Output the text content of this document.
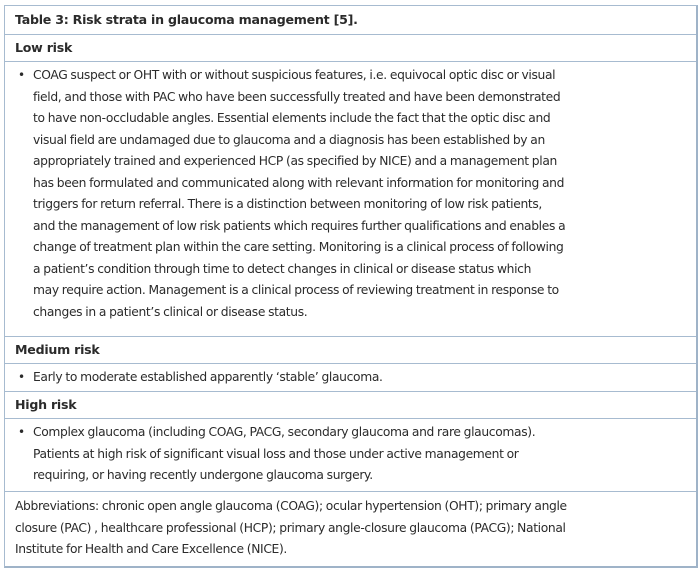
Table 3: Risk strata in glaucoma management [5].
Low risk
• COAG suspect or OHT with or without suspicious features, i.e. equivocal optic disc or visual
field, and those with PAC who have been successfully treated and have been demonstrated
to have non-occludable angles. Essential elements include the fact that the optic disc and
visual field are undamaged due to glaucoma and a diagnosis has been established by an
appropriately trained and experienced HCP (as specified by NICE) and a management plan
has been formulated and communicated along with relevant information for monitoring and
triggers for return referral. There is a distinction between monitoring of low risk patients,
and the management of low risk patients which requires further qualifications and enables a
change of treatment plan within the care setting. Monitoring is a clinical process of following
a patient’s condition through time to detect changes in clinical or disease status which
may require action. Management is a clinical process of reviewing treatment in response to
changes in a patient’s clinical or disease status.
Medium risk
• Early to moderate established apparently ‘stable’ glaucoma.
High risk
• Complex glaucoma (including COAG, PACG, secondary glaucoma and rare glaucomas).
Patients at high risk of significant visual loss and those under active management or
requiring, or having recently undergone glaucoma surgery.
Abbreviations: chronic open angle glaucoma (COAG); ocular hypertension (OHT); primary angle
closure (PAC) , healthcare professional (HCP); primary angle-closure glaucoma (PACG); National
Institute for Health and Care Excellence (NICE).
